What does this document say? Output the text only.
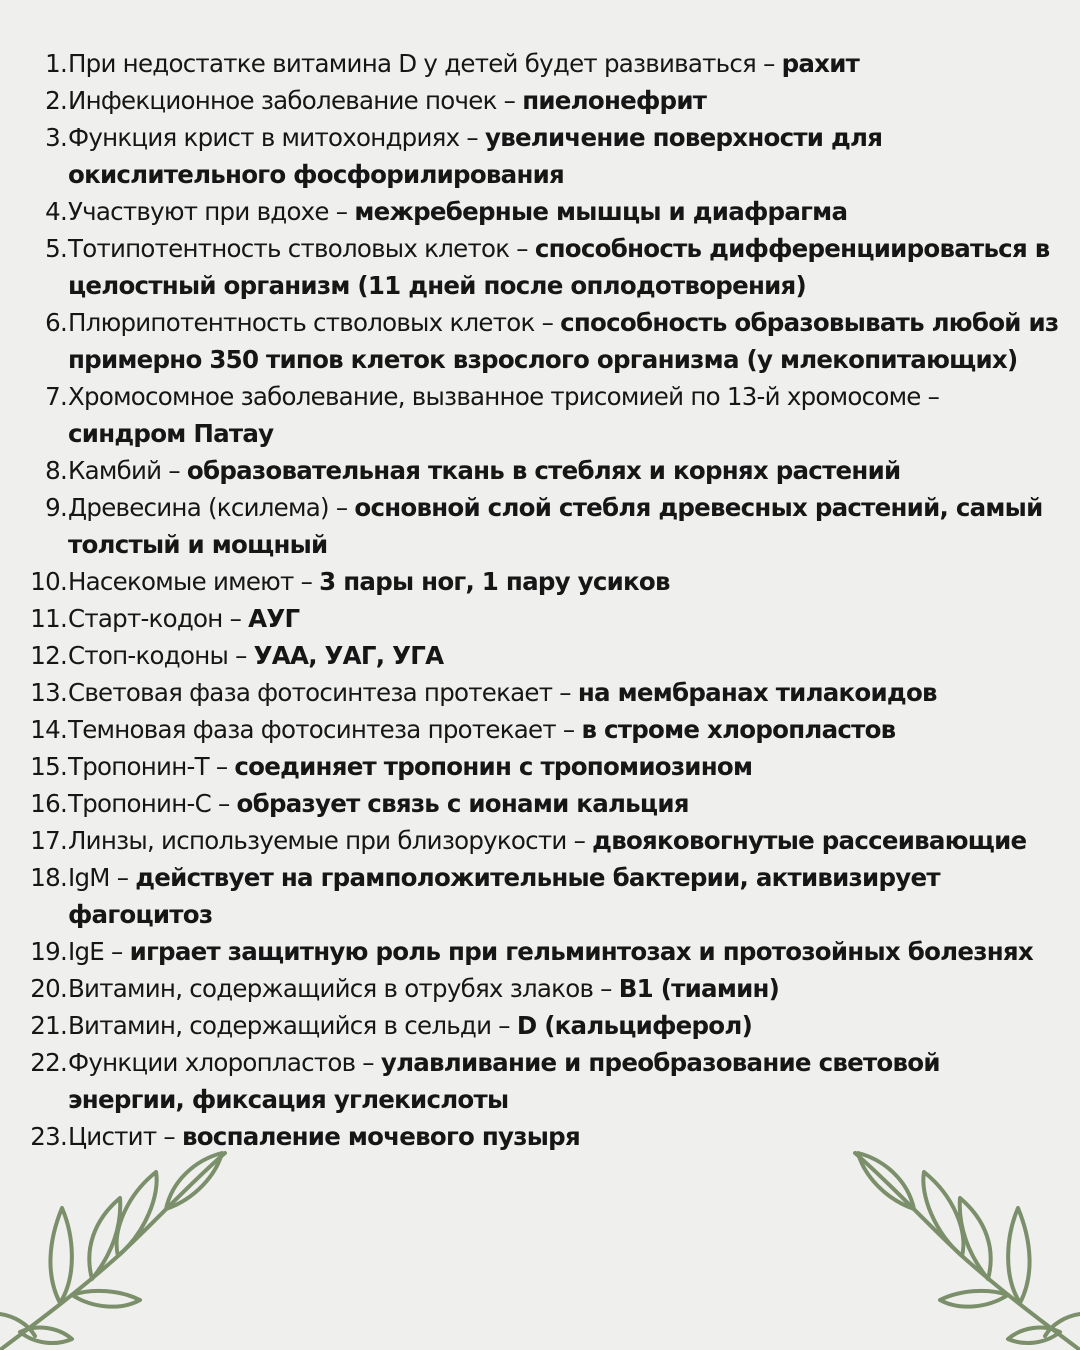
1. При недостатке витамина D у детей будет развиваться – рахит
2. Инфекционное заболевание почек – пиелонефрит
3. Функция крист в митохондриях – увеличение поверхности для окислительного фосфорилирования
4. Участвуют при вдохе – межреберные мышцы и диафрагма
5. Тотипотентность стволовых клеток – способность дифференциироваться в целостный организм (11 дней после оплодотворения)
6. Плюрипотентность стволовых клеток – способность образовывать любой из примерно 350 типов клеток взрослого организма (у млекопитающих)
7. Хромосомное заболевание, вызванное трисомией по 13-й хромосоме – синдром Патау
8. Камбий – образовательная ткань в стеблях и корнях растений
9. Древесина (ксилема) – основной слой стебля древесных растений, самый толстый и мощный
10. Насекомые имеют – 3 пары ног, 1 пару усиков
11. Старт-кодон – АУГ
12. Стоп-кодоны – УАА, УАГ, УГА
13. Световая фаза фотосинтеза протекает – на мембранах тилакоидов
14. Темновая фаза фотосинтеза протекает – в строме хлоропластов
15. Тропонин-Т – соединяет тропонин с тропомиозином
16. Тропонин-С – образует связь с ионами кальция
17. Линзы, используемые при близорукости – двояковогнутые рассеивающие
18. IgM – действует на грамположительные бактерии, активизирует фагоцитоз
19. IgE – играет защитную роль при гельминтозах и протозойных болезнях
20. Витамин, содержащийся в отрубях злаков – B1 (тиамин)
21. Витамин, содержащийся в сельди – D (кальциферол)
22. Функции хлоропластов – улавливание и преобразование световой энергии, фиксация углекислоты
23. Цистит – воспаление мочевого пузыря
